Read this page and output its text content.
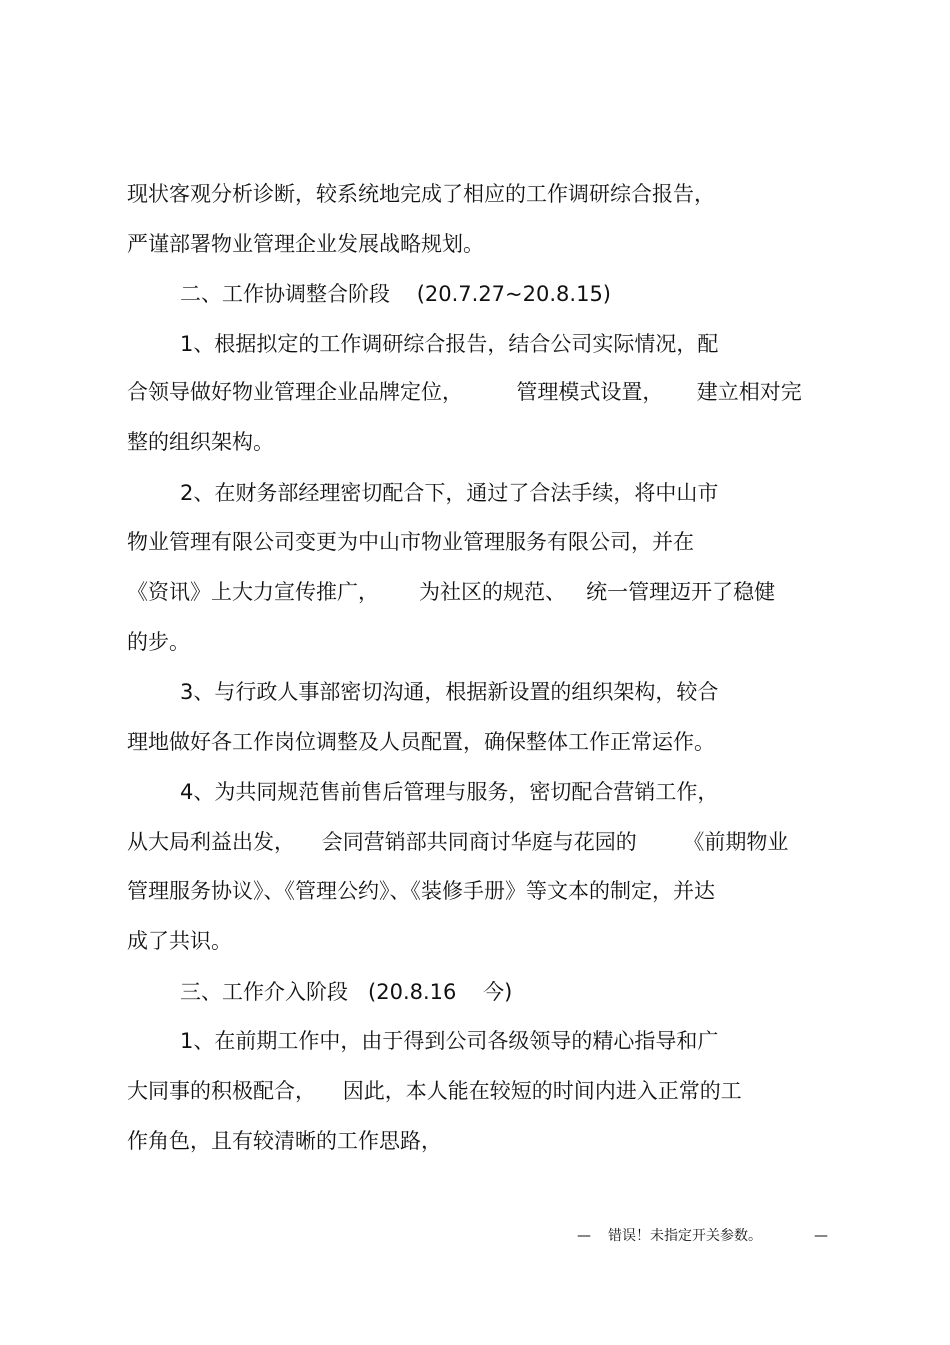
现状客观分析诊断，较系统地完成了相应的工作调研综合报告，
严谨部署物业管理企业发展战略规划。
二、工作协调整合阶段    (20.7.27~20.8.15)
1、根据拟定的工作调研综合报告，结合公司实际情况，配
合领导做好物业管理企业品牌定位，        管理模式设置，     建立相对完
整的组织架构。
2、在财务部经理密切配合下，通过了合法手续，将中山市
物业管理有限公司变更为中山市物业管理服务有限公司，并在
《资讯》上大力宣传推广，      为社区的规范、   统一管理迈开了稳健
的步。
3、与行政人事部密切沟通，根据新设置的组织架构，较合
理地做好各工作岗位调整及人员配置，确保整体工作正常运作。
4、为共同规范售前售后管理与服务，密切配合营销工作，
从大局利益出发，    会同营销部共同商讨华庭与花园的       《前期物业
管理服务协议》、《管理公约》、《装修手册》等文本的制定，并达
成了共识。
三、工作介入阶段   (20.8.16    今)
1、在前期工作中，由于得到公司各级领导的精心指导和广
大同事的积极配合，    因此，本人能在较短的时间内进入正常的工
作角色，且有较清晰的工作思路，
— 错误！未指定开关参数。	—
